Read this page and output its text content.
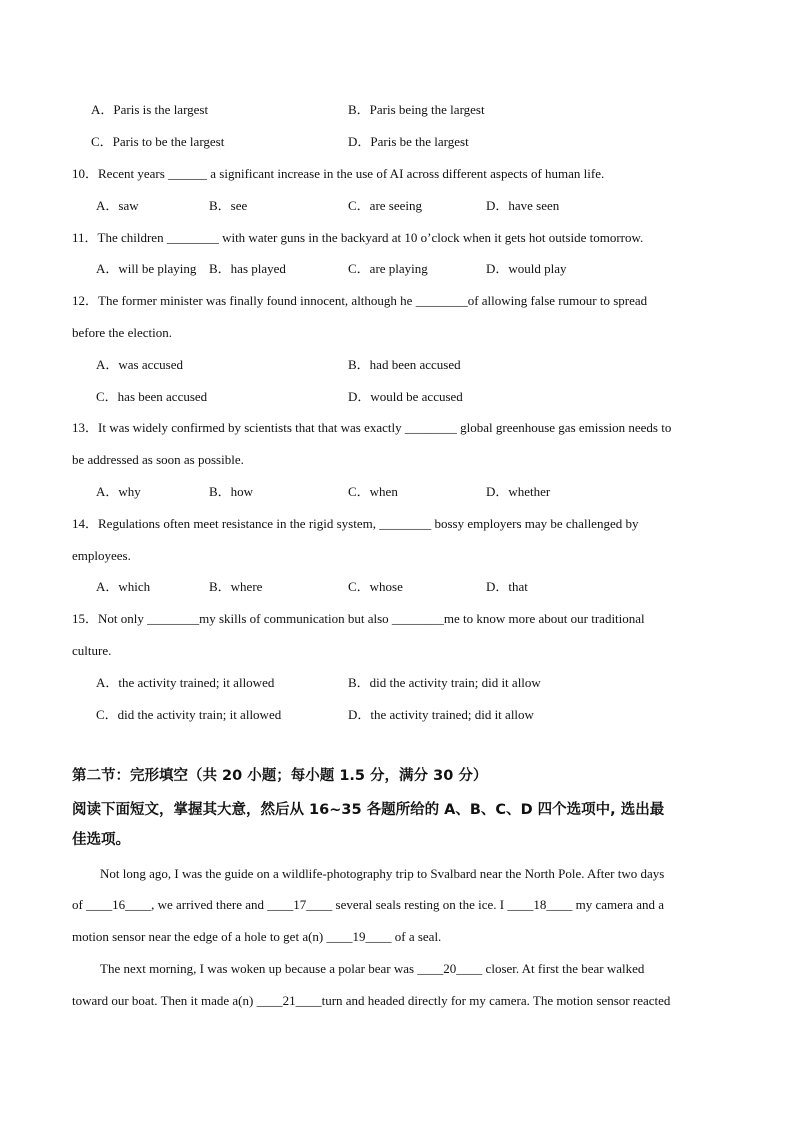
A．Paris is the largest	B．Paris being the largest
C．Paris to be the largest	D．Paris be the largest
10．Recent years ______ a significant increase in the use of AI across different aspects of human life.
A．saw	B．see	C．are seeing	D．have seen
11．The children ________ with water guns in the backyard at 10 o’clock when it gets hot outside tomorrow.
A．will be playing B．has played	C．are playing	D．would play
12．The former minister was finally found innocent, although he ________of allowing false rumour to spread
before the election.
A．was accused	B．had been accused
C．has been accused	D．would be accused
13．It was widely confirmed by scientists that that was exactly ________ global greenhouse gas emission needs to
be addressed as soon as possible.
A．why	B．how	C．when	D．whether
14．Regulations often meet resistance in the rigid system, ________ bossy employers may be challenged by
employees.
A．which	B．where	C．whose	D．that
15．Not only ________my skills of communication but also ________me to know more about our traditional
culture.
A．the activity trained; it allowed	B．did the activity train; did it allow
C．did the activity train; it allowed	D．the activity trained; did it allow
第二节：完形填空（共 20 小题；每小题 1.5 分，满分 30 分）
阅读下面短文，掌握其大意，然后从 16~35 各题所给的 A、B、C、D 四个选项中, 选出最
佳选项。
Not long ago, I was the guide on a wildlife-photography trip to Svalbard near the North Pole. After two days
of ____16____, we arrived there and ____17____ several seals resting on the ice. I ____18____ my camera and a
motion sensor near the edge of a hole to get a(n) ____19____ of a seal.
The next morning, I was woken up because a polar bear was ____20____ closer. At first the bear walked
toward our boat. Then it made a(n) ____21____turn and headed directly for my camera. The motion sensor reacted
